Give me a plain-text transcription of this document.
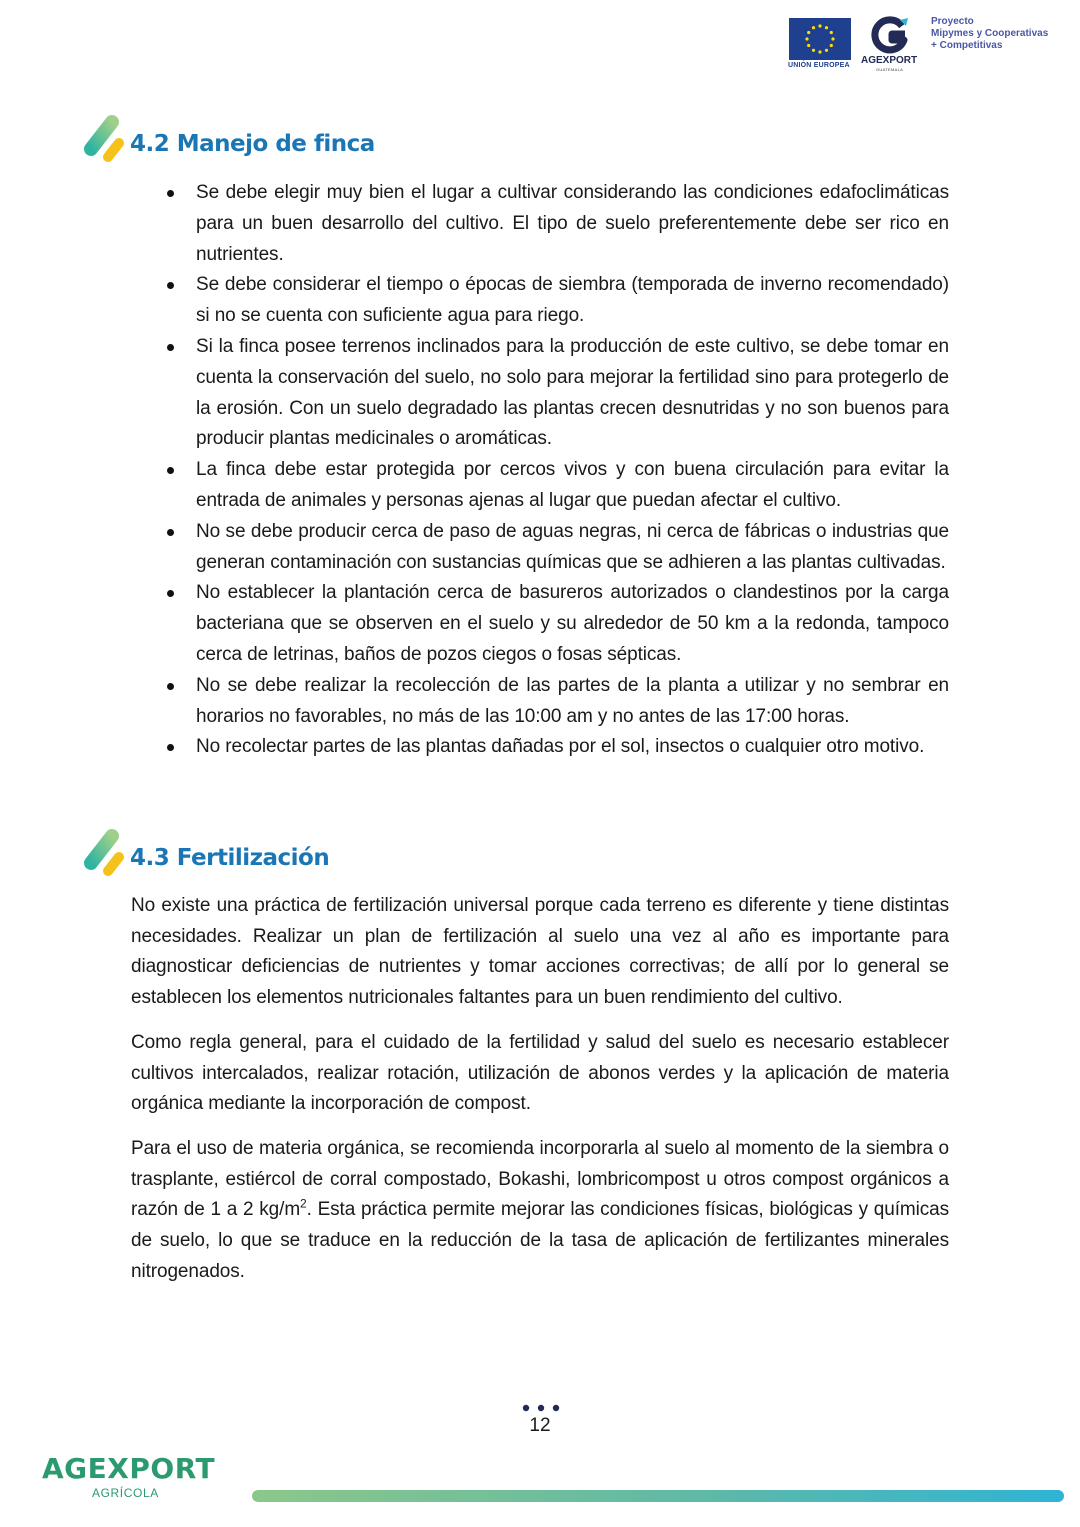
UNIÓN EUROPEA AGEXPORT
GUATEMALA
Proyecto
Mipymes y Cooperativas
+ Competitivas
4.2 Manejo de finca
Se debe elegir muy bien el lugar a cultivar considerando las condiciones edafoclimáticas para un buen desarrollo del cultivo. El tipo de suelo preferentemente debe ser rico en nutrientes.
Se debe considerar el tiempo o épocas de siembra (temporada de inverno recomendado) si no se cuenta con suficiente agua para riego.
Si la finca posee terrenos inclinados para la producción de este cultivo, se debe tomar en cuenta la conservación del suelo, no solo para mejorar la fertilidad sino para protegerlo de la erosión. Con un suelo degradado las plantas crecen desnutridas y no son buenos para producir plantas medicinales o aromáticas.
La finca debe estar protegida por cercos vivos y con buena circulación para evitar la entrada de animales y personas ajenas al lugar que puedan afectar el cultivo.
No se debe producir cerca de paso de aguas negras, ni cerca de fábricas o industrias que generan contaminación con sustancias químicas que se adhieren a las plantas cultivadas.
No establecer la plantación cerca de basureros autorizados o clandestinos por la carga bacteriana que se observen en el suelo y su alrededor de 50 km a la redonda, tampoco cerca de letrinas, baños de pozos ciegos o fosas sépticas.
No se debe realizar la recolección de las partes de la planta a utilizar y no sembrar en horarios no favorables, no más de las 10:00 am y no antes de las 17:00 horas.
No recolectar partes de las plantas dañadas por el sol, insectos o cualquier otro motivo.
4.3 Fertilización

No existe una práctica de fertilización universal porque cada terreno es diferente y tiene distintas necesidades. Realizar un plan de fertilización al suelo una vez al año es importante para diagnosticar deficiencias de nutrientes y tomar acciones correctivas; de allí por lo general se establecen los elementos nutricionales faltantes para un buen rendimiento del cultivo.

Como regla general, para el cuidado de la fertilidad y salud del suelo es necesario establecer cultivos intercalados, realizar rotación, utilización de abonos verdes y la aplicación de materia orgánica mediante la incorporación de compost.

Para el uso de materia orgánica, se recomienda incorporarla al suelo al momento de la siembra o trasplante, estiércol de corral compostado, Bokashi, lombricompost u otros compost orgánicos a razón de 1 a 2 $kg/m^2$. Esta práctica permite mejorar las condiciones físicas, biológicas y químicas de suelo, lo que se traduce en la reducción de la tasa de aplicación de fertilizantes minerales nitrogenados.

12
AGEXPORT
AGRÍCOLA
